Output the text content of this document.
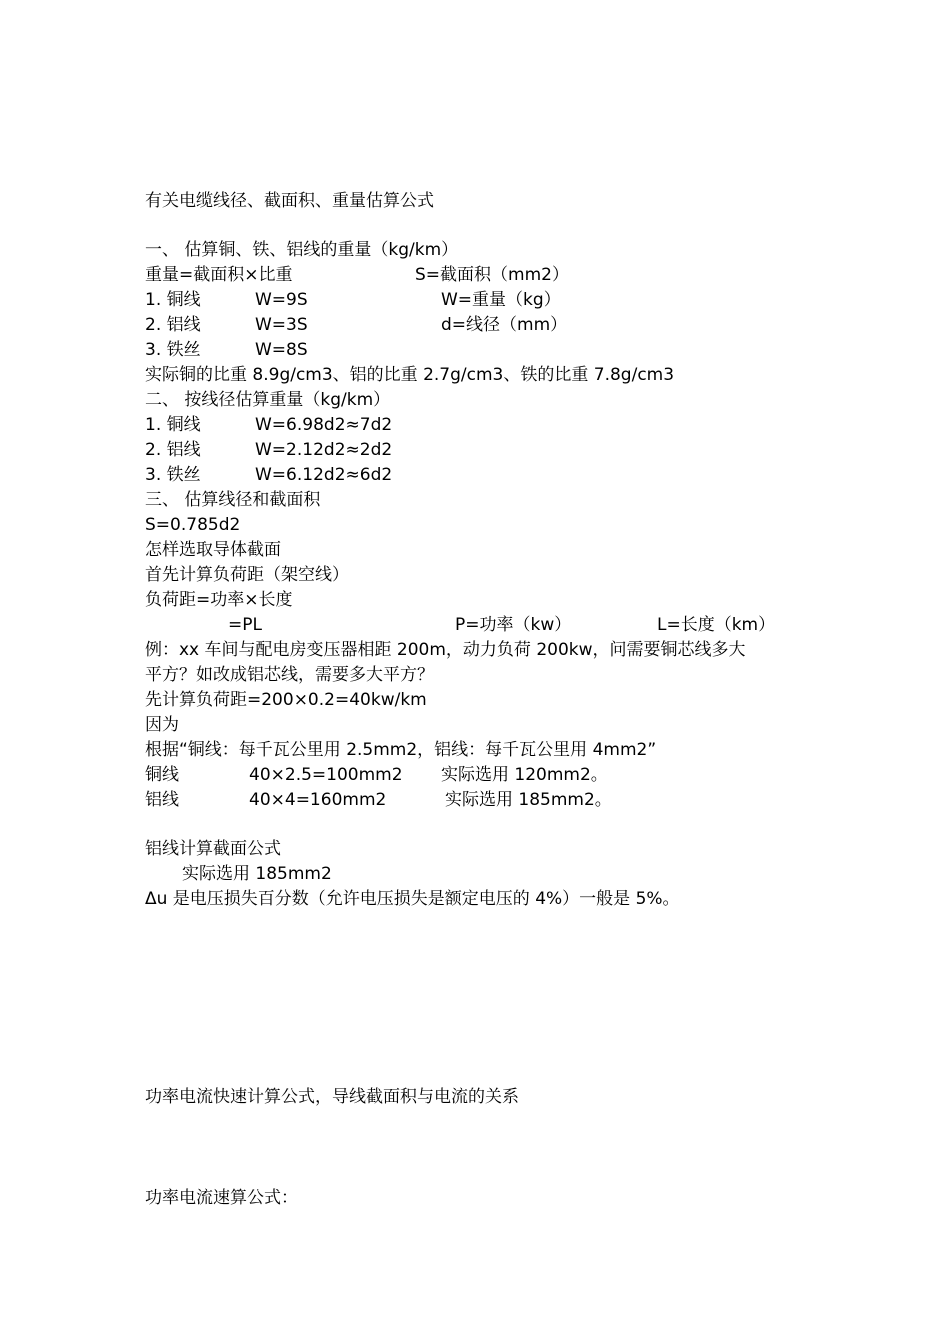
有关电缆线径、截面积、重量估算公式
一、 估算铜、铁、铝线的重量（kg/km）
重量=截面积×比重	S=截面积（mm2）
1. 铜线	W=9S	W=重量（kg）
2. 铝线	W=3S	d=线径（mm）
3. 铁丝	W=8S
实际铜的比重 8.9g/cm3、铝的比重 2.7g/cm3、铁的比重 7.8g/cm3
二、 按线径估算重量（kg/km）
1. 铜线	W=6.98d2≈7d2
2. 铝线	W=2.12d2≈2d2
3. 铁丝	W=6.12d2≈6d2
三、 估算线径和截面积
S=0.785d2
怎样选取导体截面
首先计算负荷距（架空线）
负荷距=功率×长度
=PL	P=功率（kw）	L=长度（km）
例：xx 车间与配电房变压器相距 200m，动力负荷 200kw，问需要铜芯线多大
平方？如改成铝芯线，需要多大平方？
先计算负荷距=200×0.2=40kw/km
因为
根据“铜线：每千瓦公里用 2.5mm2，铝线：每千瓦公里用 4mm2”
铜线	40×2.5=100mm2 实际选用 120mm2。
铝线	40×4=160mm2	实际选用 185mm2。
铝线计算截面公式
实际选用 185mm2
Δu 是电压损失百分数（允许电压损失是额定电压的 4%）一般是 5%。
功率电流快速计算公式，导线截面积与电流的关系
功率电流速算公式：
